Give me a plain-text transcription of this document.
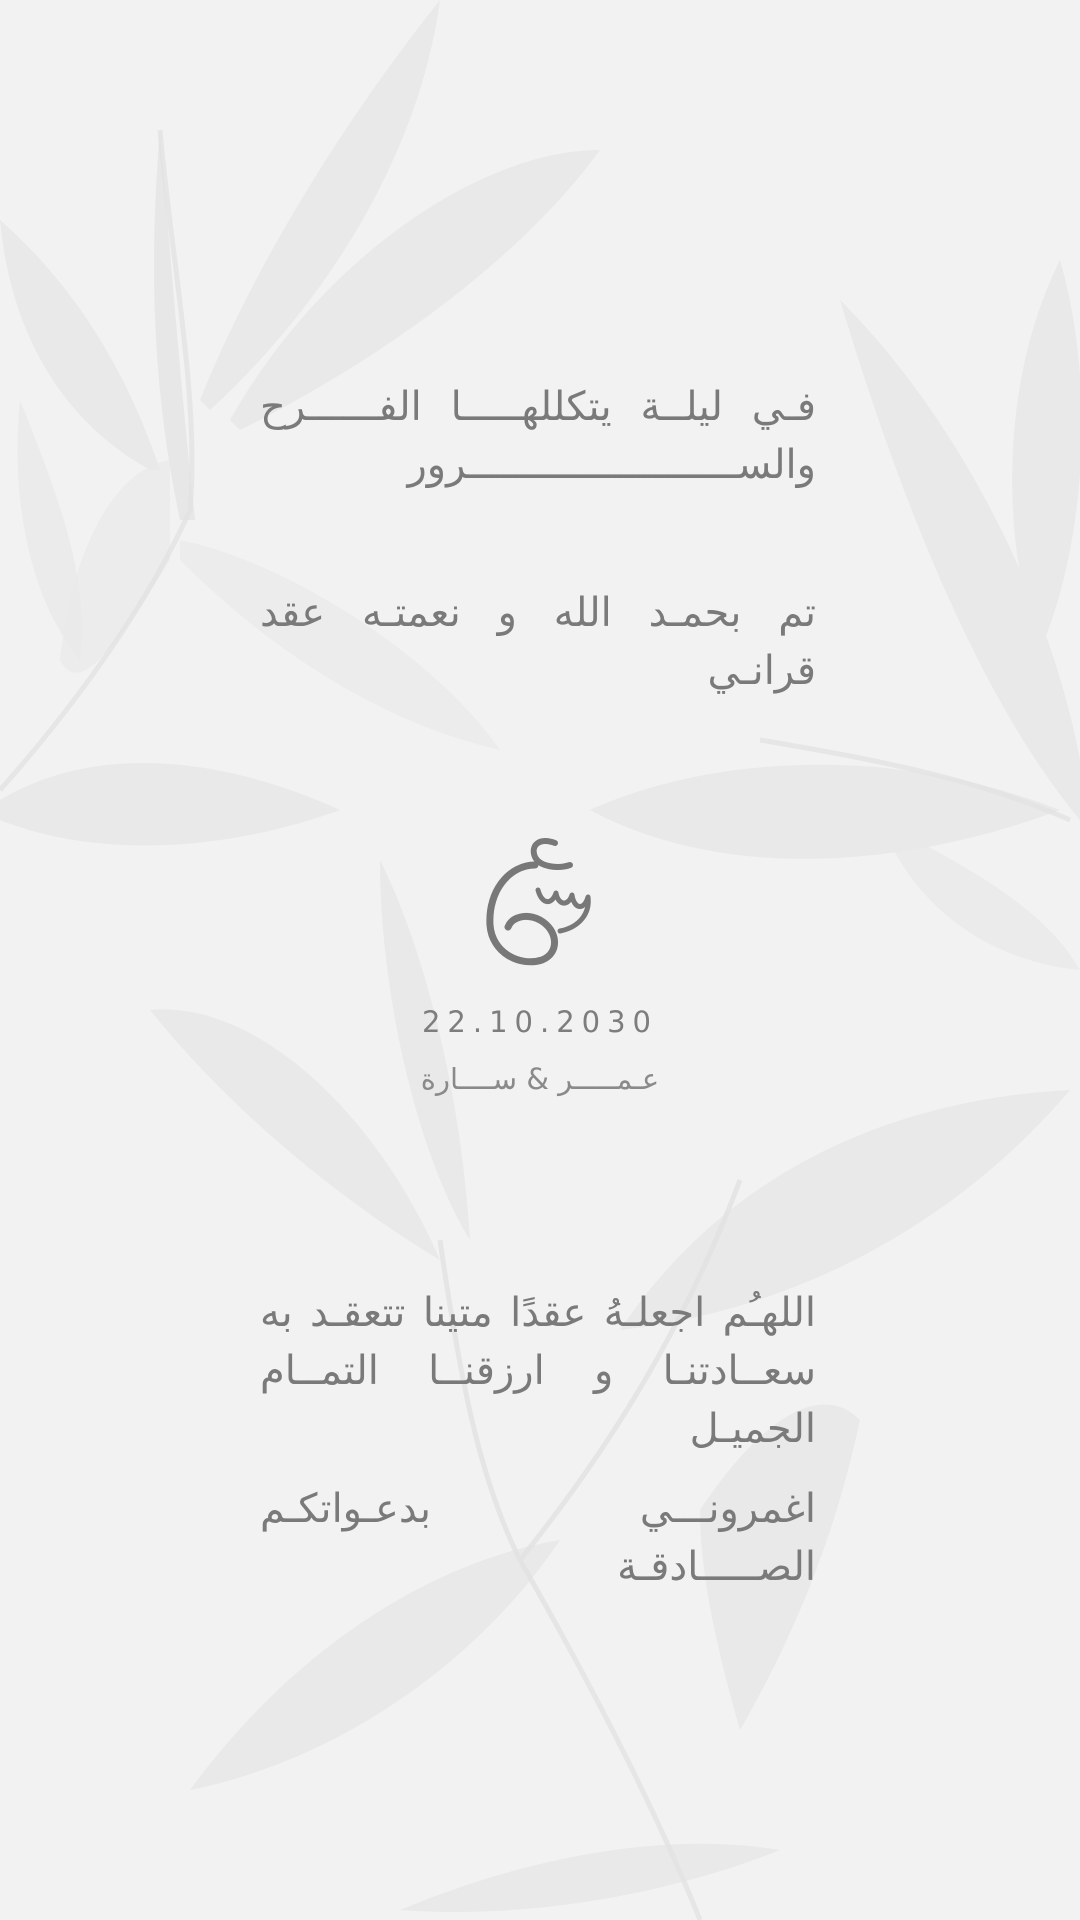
فـي ليلــة يتكللهـــــا الفــــــرح
والســـــــــــــــــــــــرور
تم بحمـد الله و نعمتـه عقد قرانـي
22.10.2030
عـمـــــر & ســــارة
اللهـُم اجعلـهُ عقدًا متينا تتعقـد به
سعــادتنـا و ارزقنــا التمــام الجميـل
اغمرونـــي بدعـواتكـم الصـــــادقـة
